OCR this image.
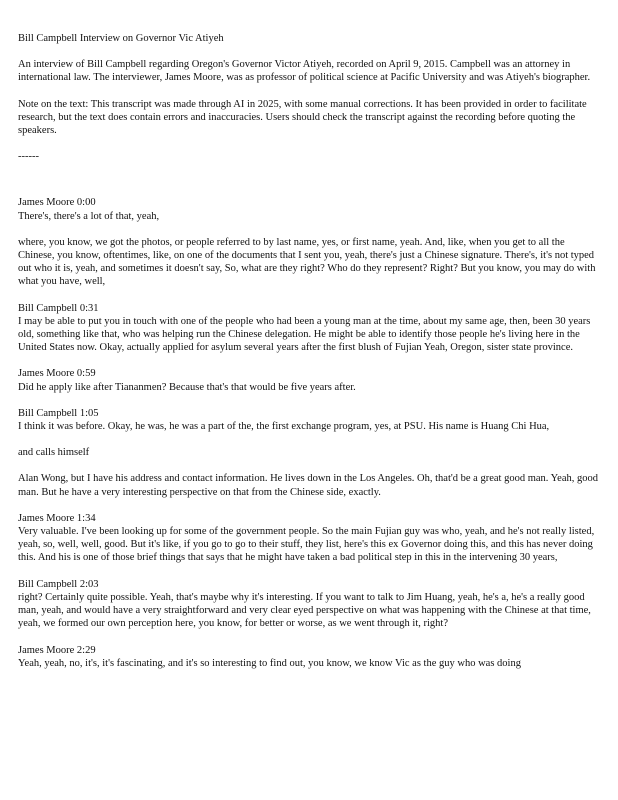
Bill Campbell Interview on Governor Vic Atiyeh

An interview of Bill Campbell regarding Oregon's Governor Victor Atiyeh, recorded on April 9, 2015. Campbell was an attorney in international law. The interviewer, James Moore, was as professor of political science at Pacific University and was Atiyeh's biographer.

Note on the text: This transcript was made through AI in 2025, with some manual corrections. It has been provided in order to facilitate research, but the text does contain errors and inaccuracies. Users should check the transcript against the recording before quoting the speakers.

------

James Moore 0:00
There's, there's a lot of that, yeah,
where, you know, we got the photos, or people referred to by last name, yes, or first name, yeah. And, like, when you get to all the Chinese, you know, oftentimes, like, on one of the documents that I sent you, yeah, there's just a Chinese signature. There's, it's not typed out who it is, yeah, and sometimes it doesn't say, So, what are they right? Who do they represent? Right? But you know, you may do with what you have, well,
Bill Campbell 0:31
I may be able to put you in touch with one of the people who had been a young man at the time, about my same age, then, been 30 years old, something like that, who was helping run the Chinese delegation. He might be able to identify those people he's living here in the United States now. Okay, actually applied for asylum several years after the first blush of Fujian Yeah, Oregon, sister state province.
James Moore 0:59
Did he apply like after Tiananmen? Because that's that would be five years after.
Bill Campbell 1:05
I think it was before. Okay, he was, he was a part of the, the first exchange program, yes, at PSU. His name is Huang Chi Hua,
and calls himself
Alan Wong, but I have his address and contact information. He lives down in the Los Angeles. Oh, that'd be a great good man. Yeah, good man. But he have a very interesting perspective on that from the Chinese side, exactly.
James Moore 1:34
Very valuable. I've been looking up for some of the government people. So the main Fujian guy was who, yeah, and he's not really listed, yeah, so, well, well, good. But it's like, if you go to go to their stuff, they list, here's this ex Governor doing this, and this has never doing this. And his is one of those brief things that says that he might have taken a bad political step in this in the intervening 30 years,
Bill Campbell 2:03
right? Certainly quite possible. Yeah, that's maybe why it's interesting. If you want to talk to Jim Huang, yeah, he's a, he's a really good man, yeah, and would have a very straightforward and very clear eyed perspective on what was happening with the Chinese at that time, yeah, we formed our own perception here, you know, for better or worse, as we went through it, right?
James Moore 2:29
Yeah, yeah, no, it's, it's fascinating, and it's so interesting to find out, you know, we know Vic as the guy who was doing
